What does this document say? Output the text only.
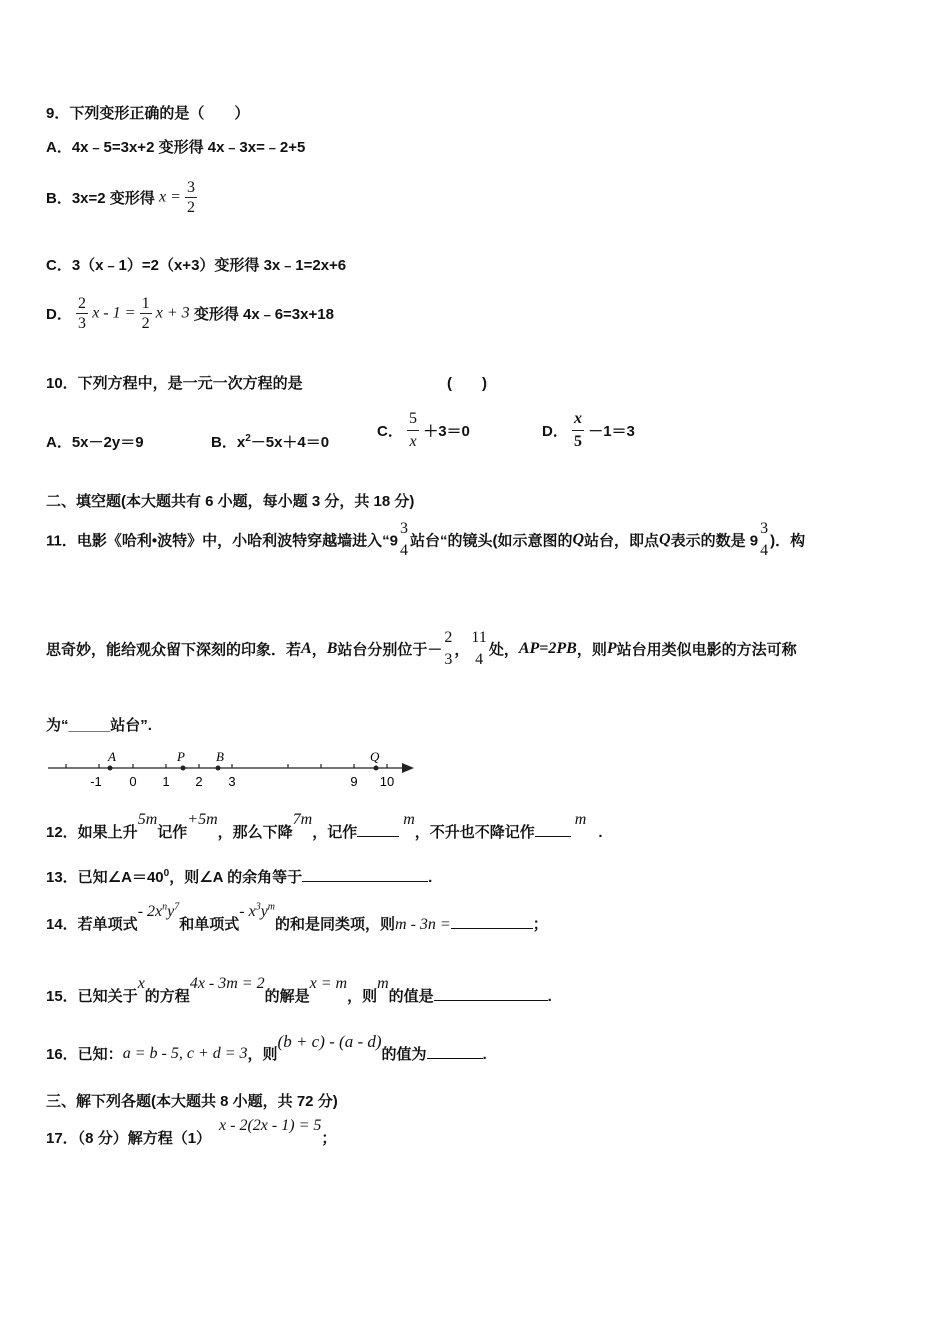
9．下列变形正确的是（　　）
A．4x﹣5=3x+2 变形得 4x﹣3x=﹣2+5
B．3x=2 变形得 $x = \frac{3}{2}$
C．3（x﹣1）=2（x+3）变形得 3x﹣1=2x+6
D． $\frac{2}{3}$ $x - 1 = \frac{1}{2}$ x + 3 变形得 4x﹣6=3x+18
10．下列方程中，是一元一次方程的是	(　　)
A．5x－2y＝9	B．$x^2-5x+4=0$
C． $\frac{5}{x} +3=0$	D． $\frac{x}{5} -1=3$
二、填空题(本大题共有 6 小题，每小题 3 分，共 18 分)
11．电影《哈利•波特》中，小哈利波特穿越墙进入“9
3
4
站台“的镜头(如示意图的Q站台，即点Q表示的数是 9
3
4
)．构
思奇妙，能给观众留下深刻的印象．若A，B站台分别位于－
2
3
，
11
4
处，AP=2PB，则P站台用类似电影的方法可称
为“_____站台”.
A	P B	Q
-1 0 1 2 3	9 10
12．如果上升5m记作+5m，那么下降7m，记作m，不升也不降记作m.
13．已知$\angle A=40^0$，则∠A 的余角等于	.
14．若单项式- $2x^ny^7$和单项式- $x^3y^m$的和是同类项，则m - 3n =	；
15．已知关于x的方程4x - 3m = 2的解是x = m，则m的值是	.
16．已知：a = b - 5, c + d = 3，则(b + c) - (a - d)的值为	.
三、解下列各题(本大题共 8 小题，共 72 分)
17．（8 分）解方程（1）x - 2(2x - 1) = 5；
